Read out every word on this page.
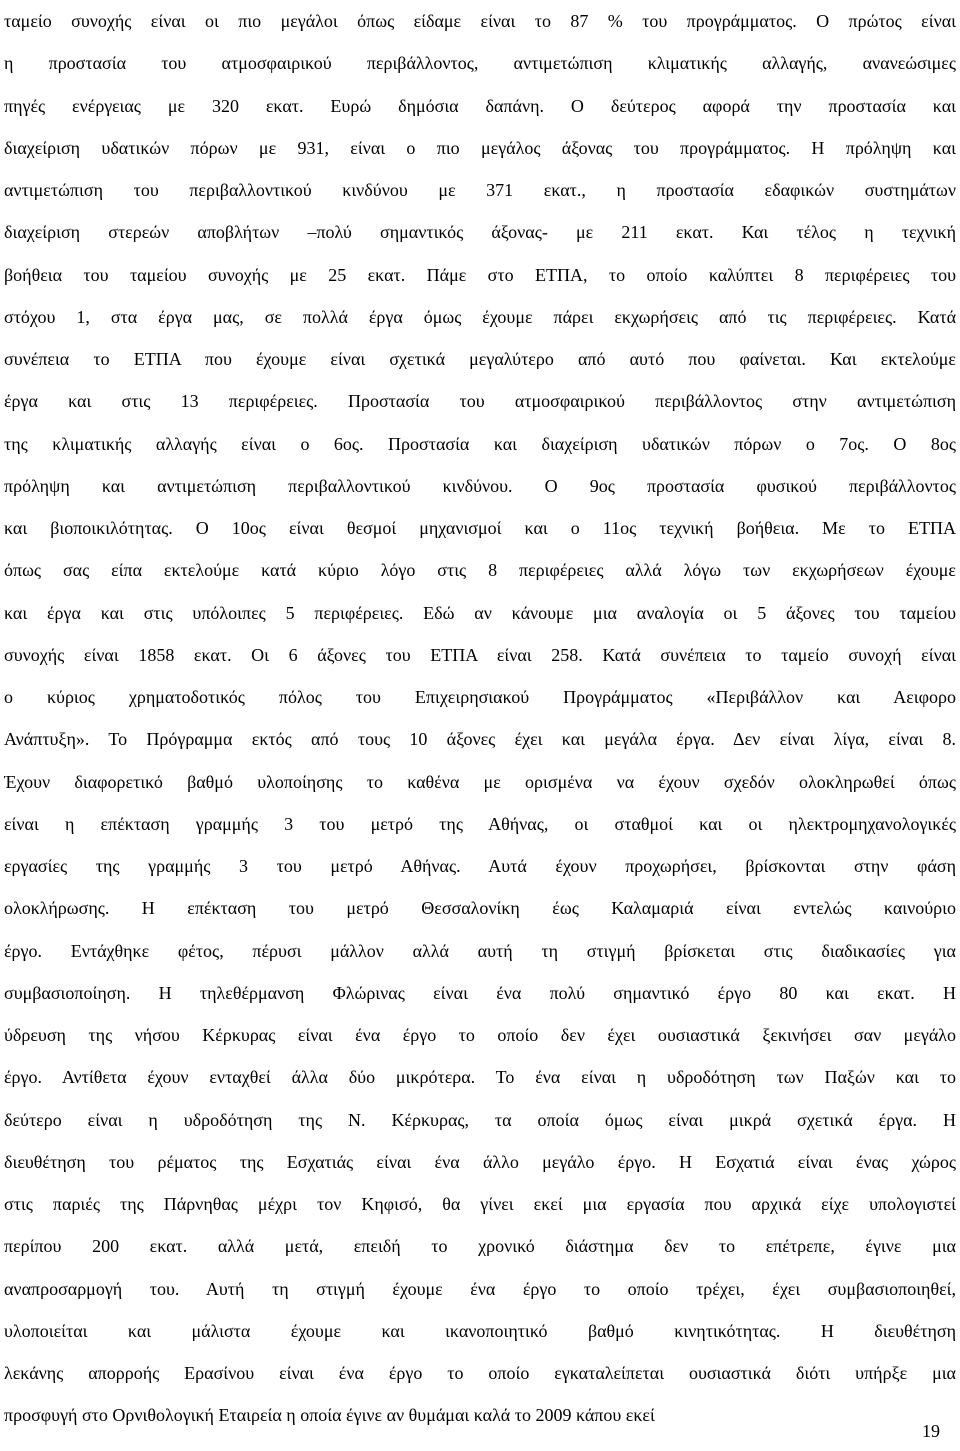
ταμείο συνοχής είναι οι πιο μεγάλοι όπως είδαμε είναι το 87 % του προγράμματος. Ο πρώτος είναι
η προστασία του ατμοσφαιρικού περιβάλλοντος, αντιμετώπιση κλιματικής αλλαγής, ανανεώσιμες
πηγές ενέργειας με 320 εκατ. Ευρώ δημόσια δαπάνη. Ο δεύτερος αφορά την προστασία και
διαχείριση υδατικών πόρων με 931, είναι ο πιο μεγάλος άξονας του προγράμματος. Η πρόληψη και
αντιμετώπιση του περιβαλλοντικού κινδύνου με 371 εκατ., η προστασία εδαφικών συστημάτων
διαχείριση στερεών αποβλήτων –πολύ σημαντικός άξονας- με 211 εκατ. Και τέλος η τεχνική
βοήθεια του ταμείου συνοχής με 25 εκατ. Πάμε στο ΕΤΠΑ, το οποίο καλύπτει 8 περιφέρειες του
στόχου 1, στα έργα μας, σε πολλά έργα όμως έχουμε πάρει εκχωρήσεις από τις περιφέρειες. Κατά
συνέπεια το ΕΤΠΑ που έχουμε είναι σχετικά μεγαλύτερο από αυτό που φαίνεται. Και εκτελούμε
έργα και στις 13 περιφέρειες. Προστασία του ατμοσφαιρικού περιβάλλοντος στην αντιμετώπιση
της κλιματικής αλλαγής είναι ο 6ος. Προστασία και διαχείριση υδατικών πόρων ο 7ος. Ο 8ος
πρόληψη και αντιμετώπιση περιβαλλοντικού κινδύνου. Ο 9ος προστασία φυσικού περιβάλλοντος
και βιοποικιλότητας. Ο 10ος είναι θεσμοί μηχανισμοί και ο 11ος τεχνική βοήθεια. Με το ΕΤΠΑ
όπως σας είπα εκτελούμε κατά κύριο λόγο στις 8 περιφέρειες αλλά λόγω των εκχωρήσεων έχουμε
και έργα και στις υπόλοιπες 5 περιφέρειες. Εδώ αν κάνουμε μια αναλογία οι 5 άξονες του ταμείου
συνοχής είναι 1858 εκατ. Οι 6 άξονες του ΕΤΠΑ είναι 258. Κατά συνέπεια το ταμείο συνοχή είναι
ο κύριος χρηματοδοτικός πόλος του Επιχειρησιακού Προγράμματος «Περιβάλλον και Αειφορο
Ανάπτυξη». Το Πρόγραμμα εκτός από τους 10 άξονες έχει και μεγάλα έργα. Δεν είναι λίγα, είναι 8.
Έχουν διαφορετικό βαθμό υλοποίησης το καθένα με ορισμένα να έχουν σχεδόν ολοκληρωθεί όπως
είναι η επέκταση γραμμής 3 του μετρό της Αθήνας, οι σταθμοί και οι ηλεκτρομηχανολογικές
εργασίες της γραμμής 3 του μετρό Αθήνας. Αυτά έχουν προχωρήσει, βρίσκονται στην φάση
ολοκλήρωσης. Η επέκταση του μετρό Θεσσαλονίκη έως Καλαμαριά είναι εντελώς καινούριο
έργο. Εντάχθηκε φέτος, πέρυσι μάλλον αλλά αυτή τη στιγμή βρίσκεται στις διαδικασίες για
συμβασιοποίηση. Η τηλεθέρμανση Φλώρινας είναι ένα πολύ σημαντικό έργο 80 και εκατ. Η
ύδρευση της νήσου Κέρκυρας είναι ένα έργο το οποίο δεν έχει ουσιαστικά ξεκινήσει σαν μεγάλο
έργο. Αντίθετα έχουν ενταχθεί άλλα δύο μικρότερα. Το ένα είναι η υδροδότηση των Παξών και το
δεύτερο είναι η υδροδότηση της Ν. Κέρκυρας, τα οποία όμως είναι μικρά σχετικά έργα. Η
διευθέτηση του ρέματος της Εσχατιάς είναι ένα άλλο μεγάλο έργο. Η Εσχατιά είναι ένας χώρος
στις παριές της Πάρνηθας μέχρι τον Κηφισό, θα γίνει εκεί μια εργασία που αρχικά είχε υπολογιστεί
περίπου 200 εκατ. αλλά μετά, επειδή το χρονικό διάστημα δεν το επέτρεπε, έγινε μια
αναπροσαρμογή του. Αυτή τη στιγμή έχουμε ένα έργο το οποίο τρέχει, έχει συμβασιοποιηθεί,
υλοποιείται και μάλιστα έχουμε και ικανοποιητικό βαθμό κινητικότητας. Η διευθέτηση
λεκάνης απορροής Ερασίνου είναι ένα έργο το οποίο εγκαταλείπεται ουσιαστικά διότι υπήρξε μια
προσφυγή στο Ορνιθολογική Εταιρεία η οποία έγινε αν θυμάμαι καλά το 2009 κάπου εκεί
19
